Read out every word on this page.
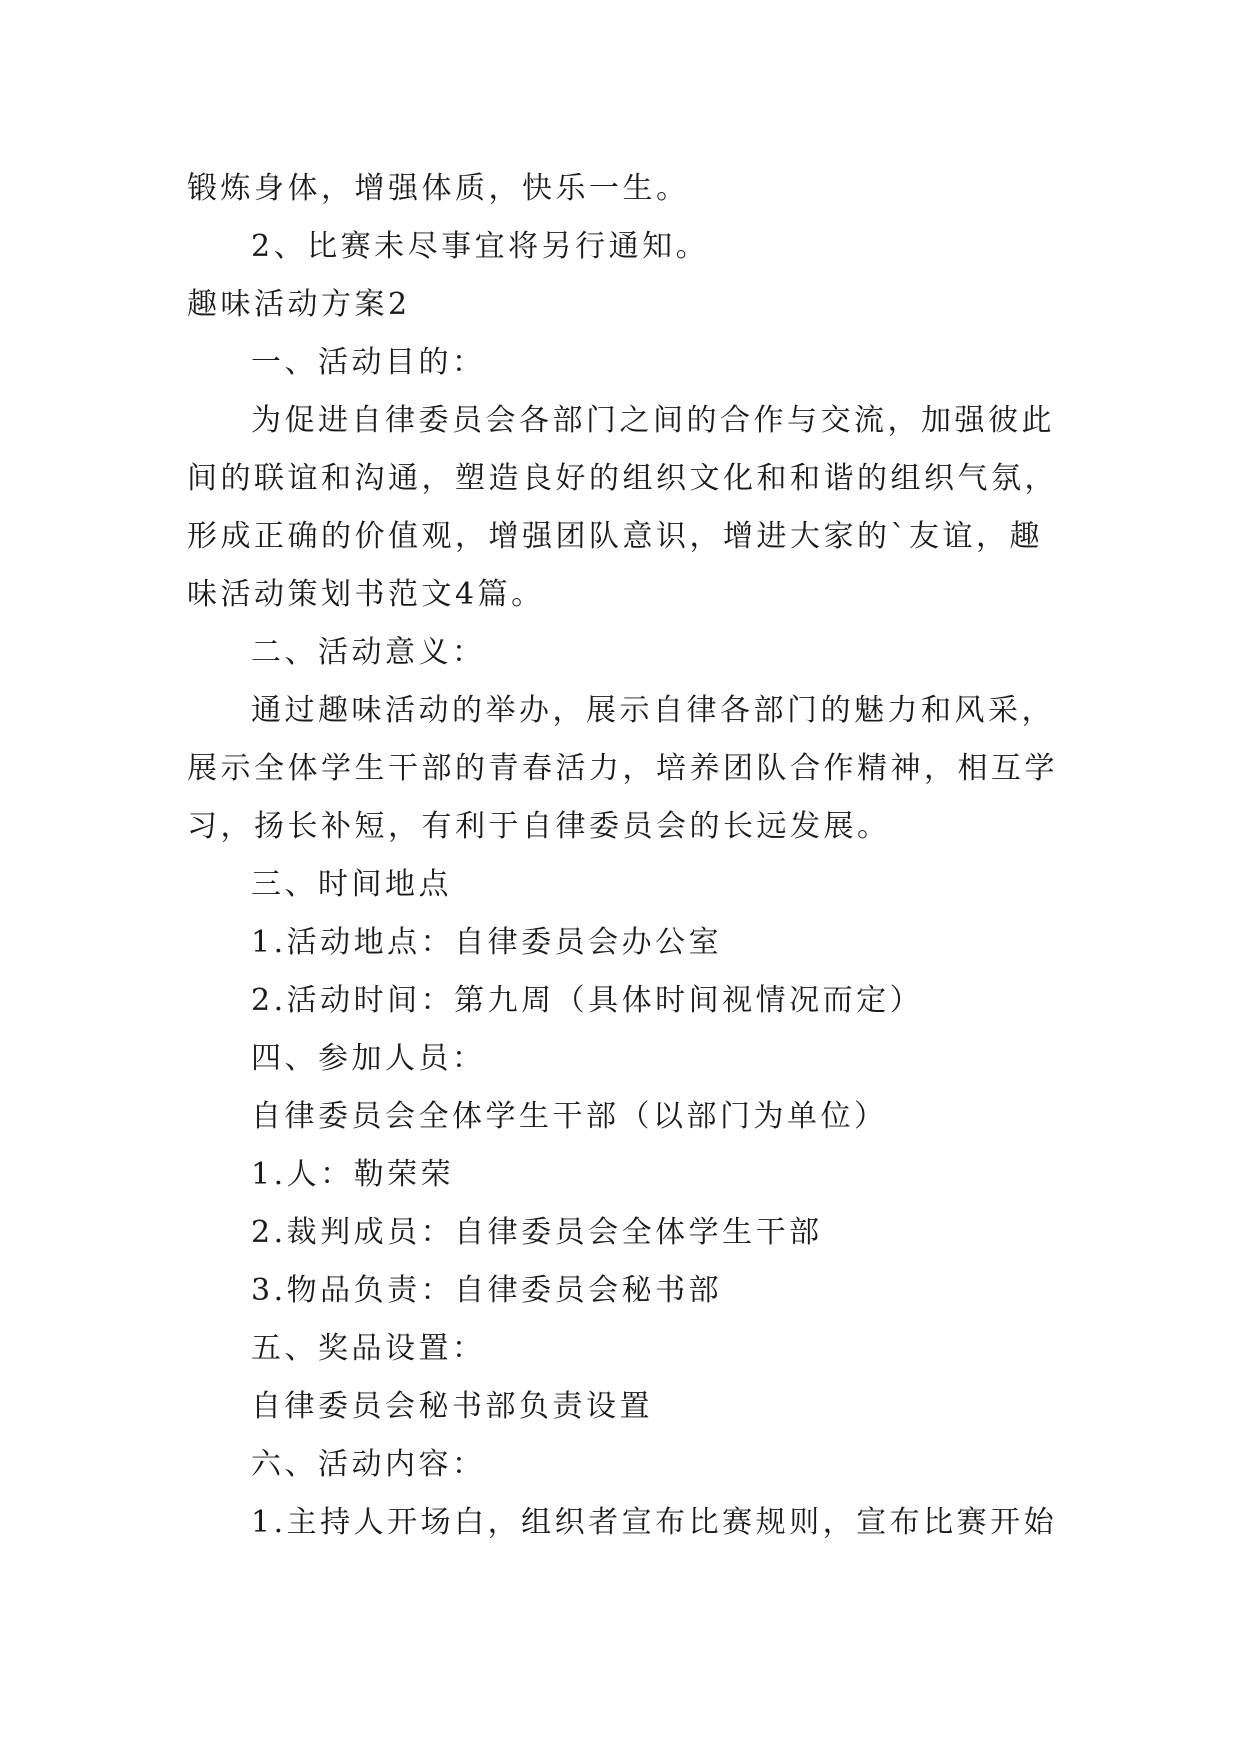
锻炼身体，增强体质，快乐一生。

2、比赛未尽事宜将另行通知。

趣味活动方案2

一、活动目的：

为促进自律委员会各部门之间的合作与交流，加强彼此间的联谊和沟通，塑造良好的组织文化和和谐的组织气氛，形成正确的价值观，增强团队意识，增进大家的`友谊，趣味活动策划书范文4篇。

二、活动意义：

通过趣味活动的举办，展示自律各部门的魅力和风采，展示全体学生干部的青春活力，培养团队合作精神，相互学习，扬长补短，有利于自律委员会的长远发展。

三、时间地点

1.活动地点：自律委员会办公室

2.活动时间：第九周（具体时间视情况而定）

四、参加人员：

自律委员会全体学生干部（以部门为单位）

1.人：勒荣荣

2.裁判成员：自律委员会全体学生干部

3.物品负责：自律委员会秘书部

五、奖品设置：

自律委员会秘书部负责设置

六、活动内容：

1.主持人开场白，组织者宣布比赛规则，宣布比赛开始
